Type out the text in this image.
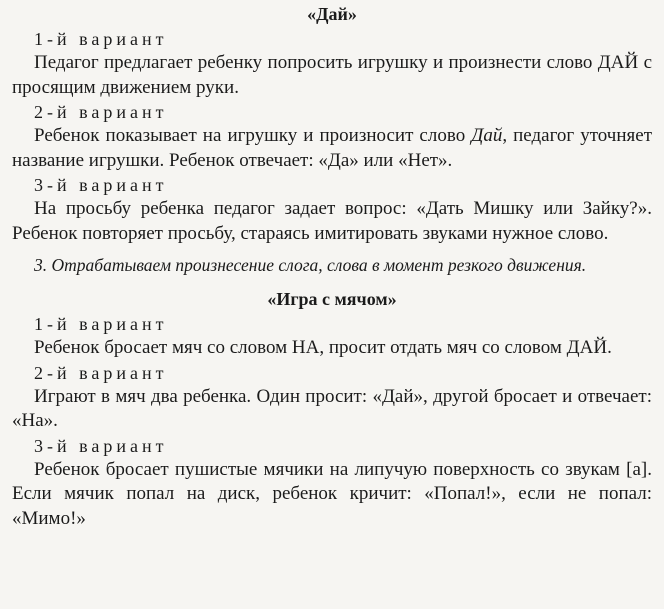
«Дай»
1-й вариант

Педагог предлагает ребенку попросить игрушку и произнести слово ДАЙ с просящим движением руки.

2-й вариант

Ребенок показывает на игрушку и произносит слово Дай, педагог уточняет название игрушки. Ребенок отвечает: «Да» или «Нет».

3-й вариант

На просьбу ребенка педагог задает вопрос: «Дать Мишку или Зайку?». Ребенок повторяет просьбу, стараясь имитировать звуками нужное слово.

3. Отрабатываем произнесение слога, слова в момент резкого движения.

«Игра с мячом»
1-й вариант

Ребенок бросает мяч со словом НА, просит отдать мяч со словом ДАЙ.

2-й вариант

Играют в мяч два ребенка. Один просит: «Дай», другой бросает и отвечает: «На».

3-й вариант

Ребенок бросает пушистые мячики на липучую поверхность со звукам [а]. Если мячик попал на диск, ребенок кричит: «Попал!», если не попал: «Мимо!»
